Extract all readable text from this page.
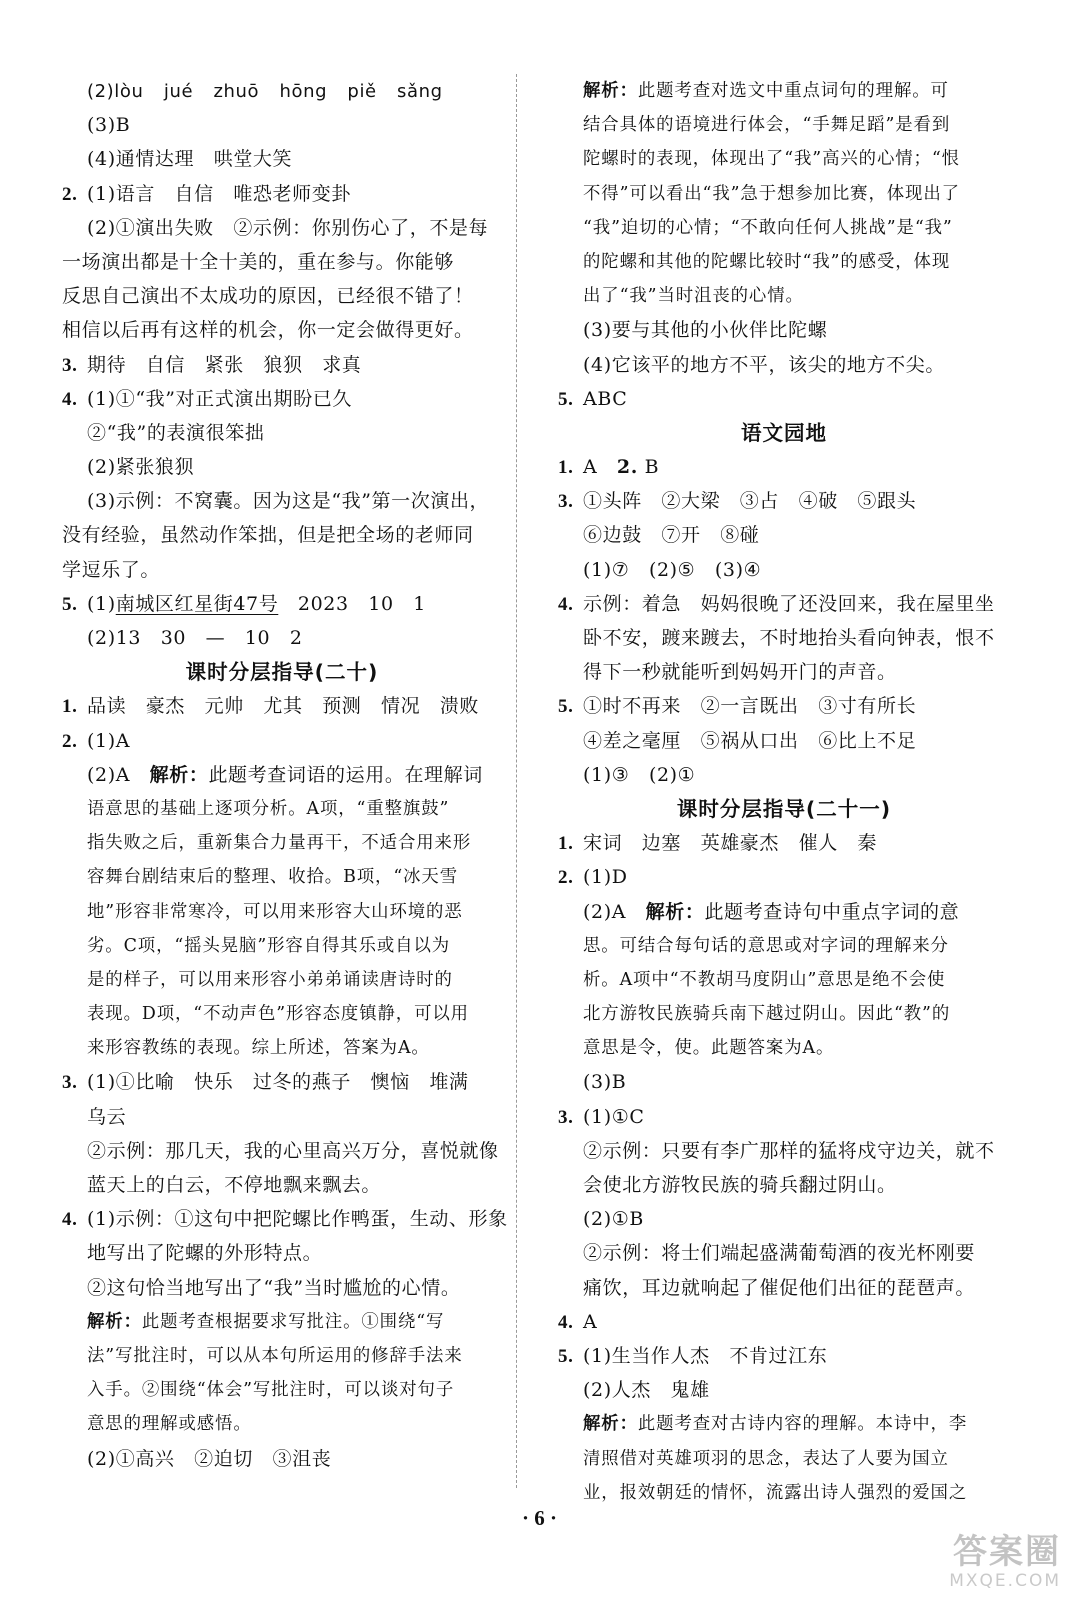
(2)lòu jué zhuō hōng piě sǎng
(3)B
(4)通情达理　哄堂大笑
2. (1)语言　自信　唯恐老师变卦
(2)①演出失败　②示例：你别伤心了，不是每
一场演出都是十全十美的，重在参与。你能够
反思自己演出不太成功的原因，已经很不错了！
相信以后再有这样的机会，你一定会做得更好。
3. 期待　自信　紧张　狼狈　求真
4. (1)①“我”对正式演出期盼已久
②“我”的表演很笨拙
(2)紧张狼狈
(3)示例：不窝囊。因为这是“我”第一次演出，
没有经验，虽然动作笨拙，但是把全场的老师同
学逗乐了。
5. (1)南城区红星街47号　2023　10　1
(2)13　30　—　10　2
课时分层指导(二十)
1. 品读　豪杰　元帅　尤其　预测　情况　溃败
2. (1)A
(2)A　解析：此题考查词语的运用。在理解词
语意思的基础上逐项分析。A项，“重整旗鼓”
指失败之后，重新集合力量再干，不适合用来形
容舞台剧结束后的整理、收拾。B项，“冰天雪
地”形容非常寒冷，可以用来形容大山环境的恶
劣。C项，“摇头晃脑”形容自得其乐或自以为
是的样子，可以用来形容小弟弟诵读唐诗时的
表现。D项，“不动声色”形容态度镇静，可以用
来形容教练的表现。综上所述，答案为A。
3. (1)①比喻　快乐　过冬的燕子　懊恼　堆满
乌云
②示例：那几天，我的心里高兴万分，喜悦就像
蓝天上的白云，不停地飘来飘去。
4. (1)示例：①这句中把陀螺比作鸭蛋，生动、形象
地写出了陀螺的外形特点。
②这句恰当地写出了“我”当时尴尬的心情。
解析：此题考查根据要求写批注。①围绕“写
法”写批注时，可以从本句所运用的修辞手法来
入手。②围绕“体会”写批注时，可以谈对句子
意思的理解或感悟。
(2)①高兴　②迫切　③沮丧
解析：此题考查对选文中重点词句的理解。可
结合具体的语境进行体会，“手舞足蹈”是看到
陀螺时的表现，体现出了“我”高兴的心情；“恨
不得”可以看出“我”急于想参加比赛，体现出了
“我”迫切的心情；“不敢向任何人挑战”是“我”
的陀螺和其他的陀螺比较时“我”的感受，体现
出了“我”当时沮丧的心情。
(3)要与其他的小伙伴比陀螺
(4)它该平的地方不平，该尖的地方不尖。
5. ABC
语文园地
1. A　2. B
3. ①头阵　②大梁　③占　④破　⑤跟头
⑥边鼓　⑦开　⑧碰
(1)⑦　(2)⑤　(3)④
4. 示例：着急　妈妈很晚了还没回来，我在屋里坐
卧不安，踱来踱去，不时地抬头看向钟表，恨不
得下一秒就能听到妈妈开门的声音。
5. ①时不再来　②一言既出　③寸有所长
④差之毫厘　⑤祸从口出　⑥比上不足
(1)③　(2)①
课时分层指导(二十一)
1. 宋词　边塞　英雄豪杰　催人　秦
2. (1)D
(2)A　解析：此题考查诗句中重点字词的意
思。可结合每句话的意思或对字词的理解来分
析。A项中“不教胡马度阴山”意思是绝不会使
北方游牧民族骑兵南下越过阴山。因此“教”的
意思是令，使。此题答案为A。
(3)B
3. (1)①C
②示例：只要有李广那样的猛将戍守边关，就不
会使北方游牧民族的骑兵翻过阴山。
(2)①B
②示例：将士们端起盛满葡萄酒的夜光杯刚要
痛饮，耳边就响起了催促他们出征的琵琶声。
4. A
5. (1)生当作人杰　不肯过江东
(2)人杰　鬼雄
解析：此题考查对古诗内容的理解。本诗中，李
清照借对英雄项羽的思念，表达了人要为国立
业，报效朝廷的情怀，流露出诗人强烈的爱国之
· 6 ·
答案圈
MXQE.COM
